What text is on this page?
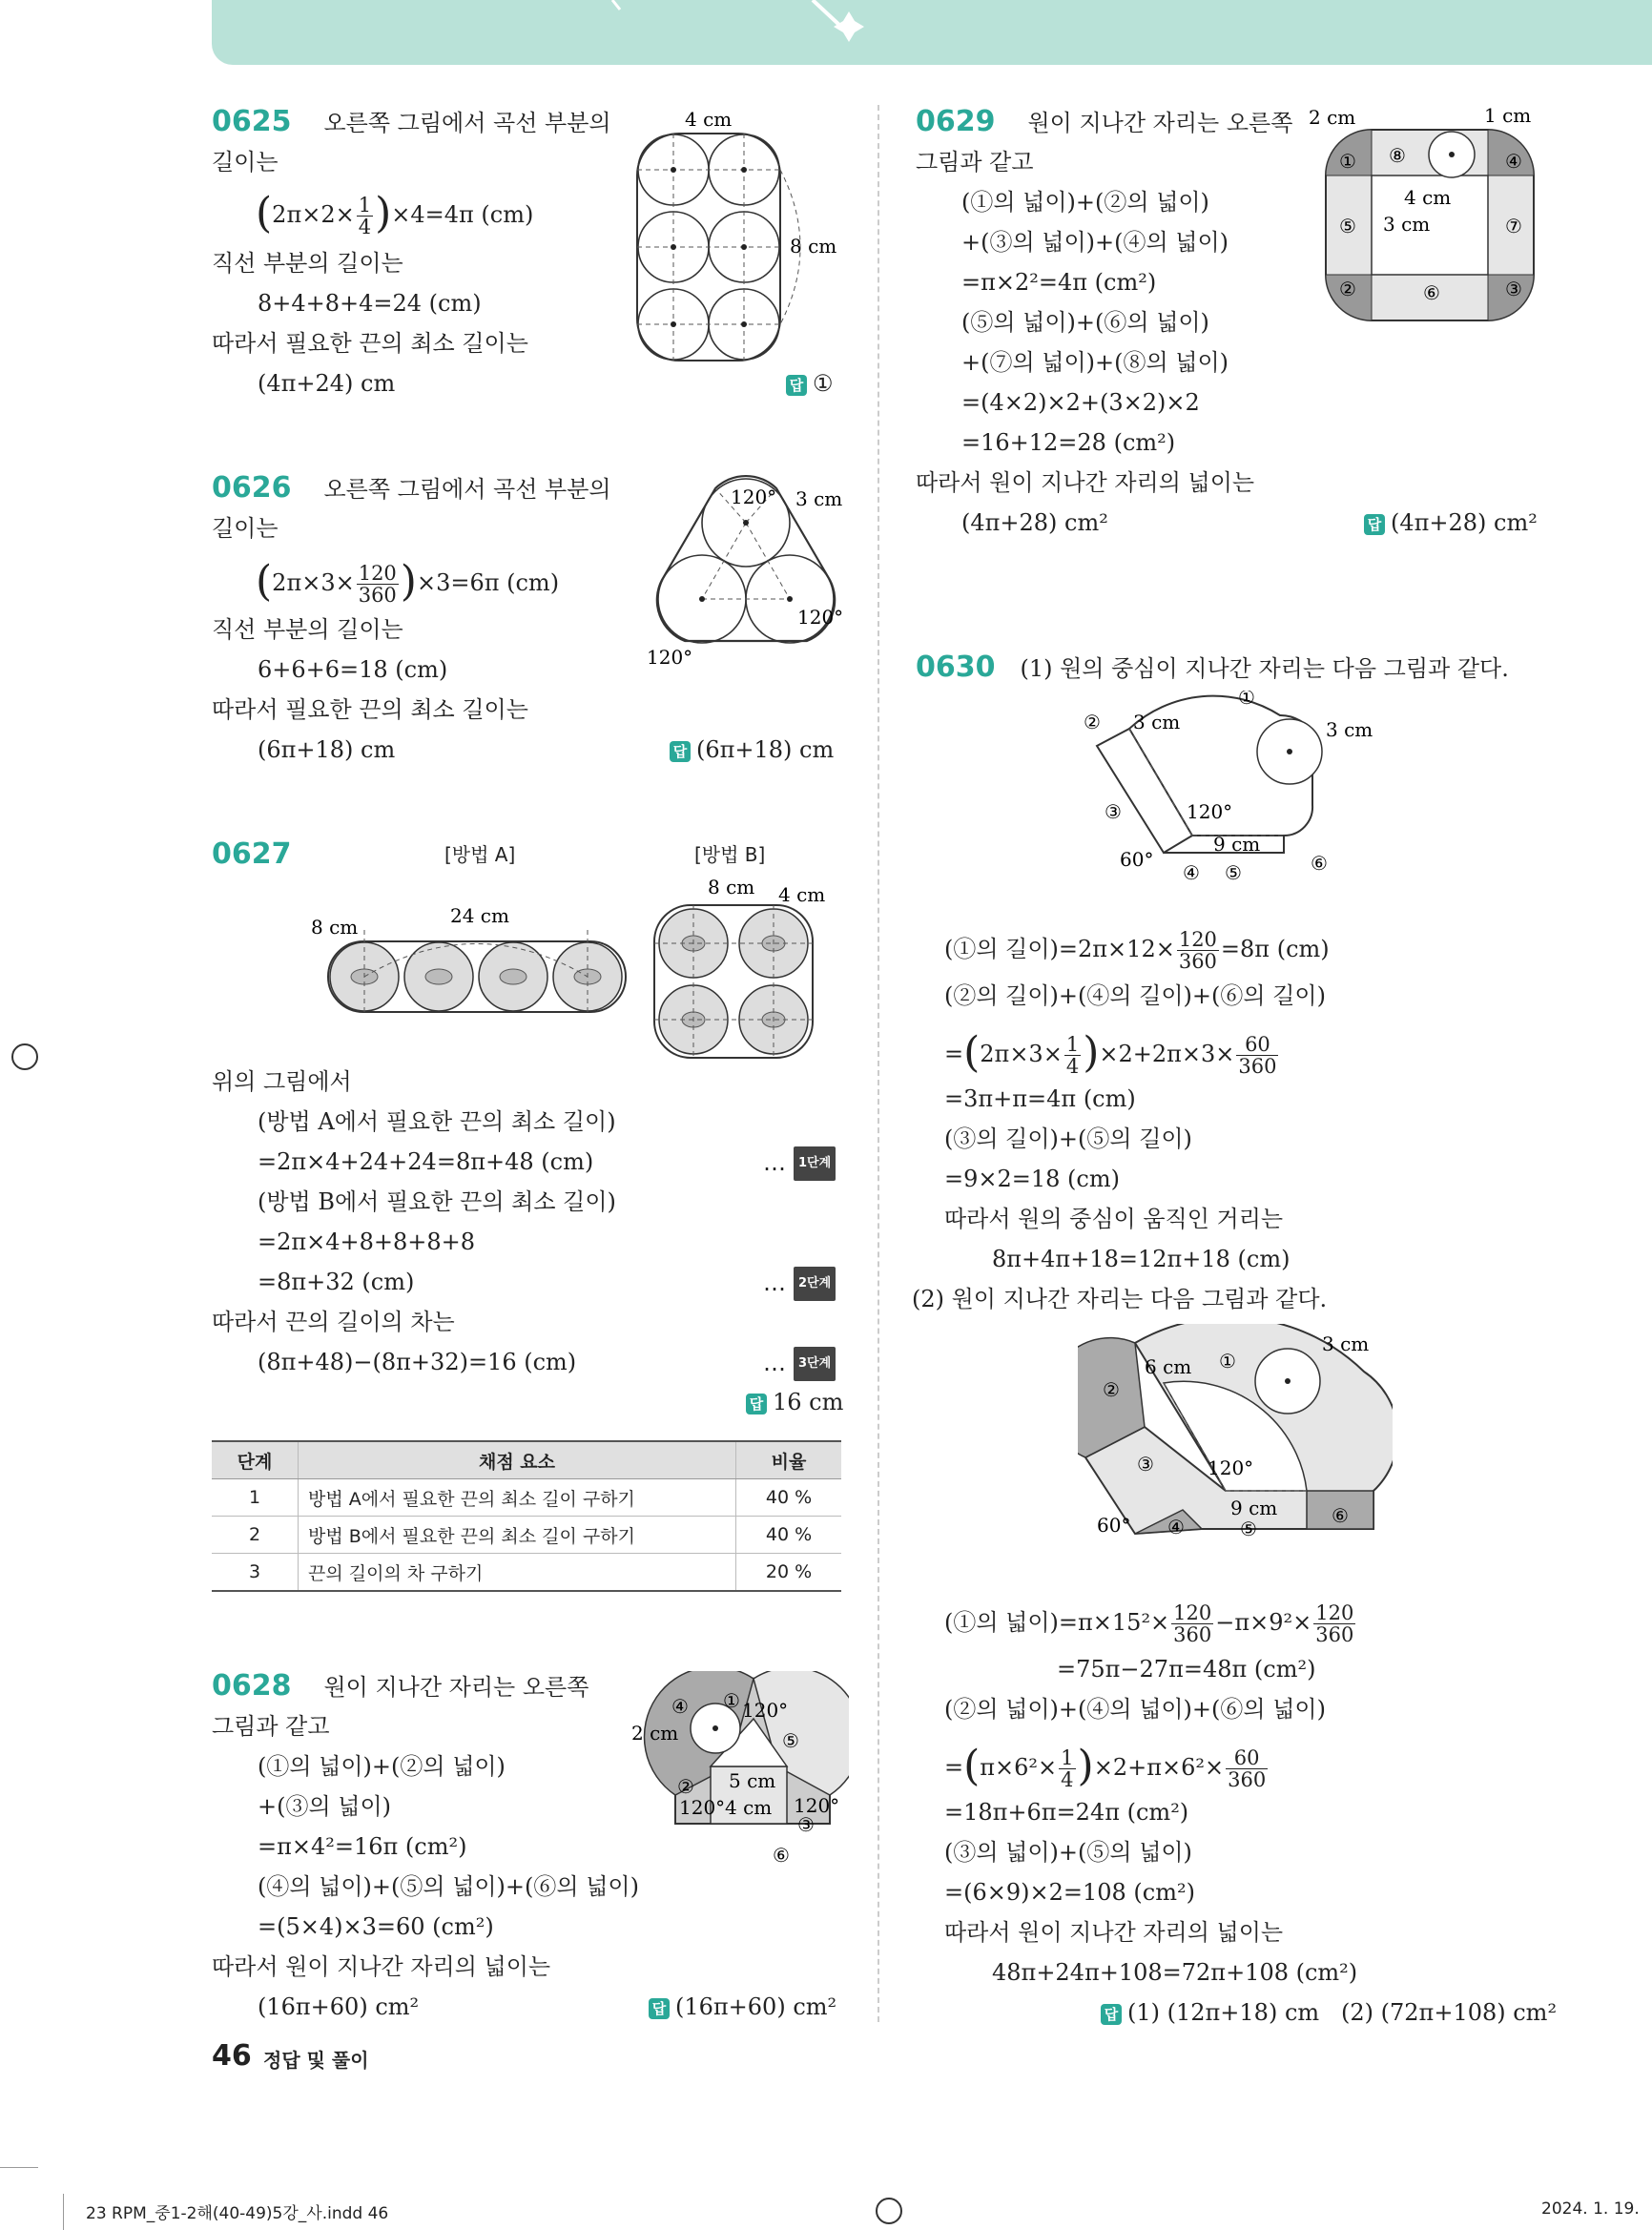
0625 오른쪽 그림에서 곡선 부분의
길이는
$(2\pi\times 2\times \frac{1}{4} )\times 4=4\pi$ (cm)
직선 부분의 길이는
8+4+8+4=24 (cm)
따라서 필요한 끈의 최소 길이는
(4π+24) cm	답 ①
4 cm
8 cm
0626 오른쪽 그림에서 곡선 부분의
길이는
$(2\pi\times 3\times \frac{120}{360} )\times 3=6\pi$ (cm)
직선 부분의 길이는
6+6+6=18 (cm)
따라서 필요한 끈의 최소 길이는
(6π+18) cm	답 (6π+18) cm
120° 3 cm
120°
120°
0627	[방법 A]	[방법 B]
8 cm	24 cm
8 cm 4 cm
위의 그림에서
(방법 A에서 필요한 끈의 최소 길이)
=2π×4+24+24=8π+48 (cm)	… 1단계
(방법 B에서 필요한 끈의 최소 길이)
=2π×4+8+8+8+8
=8π+32 (cm)	… 2단계
따라서 끈의 길이의 차는
(8π+48)−(8π+32)=16 (cm)	… 3단계
답 16 cm
단계	채점 요소	비율
1	방법 A에서 필요한 끈의 최소 길이 구하기	40 %
2	방법 B에서 필요한 끈의 최소 길이 구하기	40 %
3	끈의 길이의 차 구하기	20 %
0628 원이 지나간 자리는 오른쪽
그림과 같고
(①의 넓이)+(②의 넓이)
+(③의 넓이)
=π×4²=16π (cm²)
(④의 넓이)+(⑤의 넓이)+(⑥의 넓이)
=(5×4)×3=60 (cm²)
따라서 원이 지나간 자리의 넓이는
(16π+60) cm²	답 (16π+60) cm²
2 cm
5 cm
4 cm
120°
120°	120°
①
②
③
④
⑤
⑥
0629 원이 지나간 자리는 오른쪽
그림과 같고
(①의 넓이)+(②의 넓이)
+(③의 넓이)+(④의 넓이)
=π×2²=4π (cm²)
(⑤의 넓이)+(⑥의 넓이)
+(⑦의 넓이)+(⑧의 넓이)
=(4×2)×2+(3×2)×2
=16+12=28 (cm²)
따라서 원이 지나간 자리의 넓이는
(4π+28) cm²	답 (4π+28) cm²
2 cm	1 cm
4 cm
3 cm
①
②	③
④
⑤
⑥
⑦
⑧
0630 (1) 원의 중심이 지나간 자리는 다음 그림과 같다.
3 cm	3 cm
120°
9 cm
60°
①
②
③
④ ⑤	⑥
(①의 길이)$=2\pi\times 12\times \frac{120}{360} =8\pi$ (cm)
(②의 길이)+(④의 길이)+(⑥의 길이)
$=(2\pi\times 3\times \frac{1}{4} )\times 2+2\pi\times 3\times \frac{60}{360}$
=3π+π=4π (cm)
(③의 길이)+(⑤의 길이)
=9×2=18 (cm)
따라서 원의 중심이 움직인 거리는
8π+4π+18=12π+18 (cm)
(2) 원이 지나간 자리는 다음 그림과 같다.
3 cm
6 cm
120°
9 cm
60°
①
②
③
④	⑤
⑥
(①의 넓이)$=\pi\times 15^2\times \frac{120}{360} -\pi\times 9^2\times \frac{120}{360}$
=75π−27π=48π (cm²)
(②의 넓이)+(④의 넓이)+(⑥의 넓이)
$=(\pi\times 6^2\times \frac{1}{4} )\times 2+\pi\times 6^2\times \frac{60}{360}$
=18π+6π=24π (cm²)
(③의 넓이)+(⑤의 넓이)
=(6×9)×2=108 (cm²)
따라서 원이 지나간 자리의 넓이는
48π+24π+108=72π+108 (cm²)
답 (1) (12π+18) cm   (2) (72π+108) cm²
46 정답 및 풀이
23 RPM_중1-2해(40-49)5강_사.indd 46	2024. 1. 19.
